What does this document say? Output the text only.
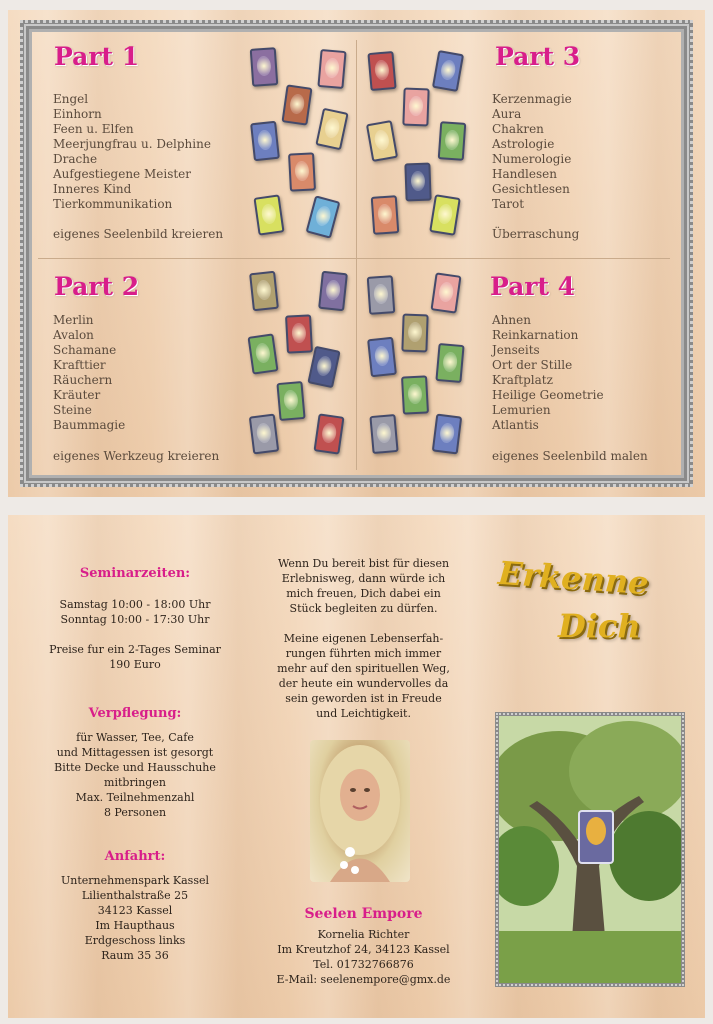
Part 1
Engel
Einhorn
Feen u. Elfen
Meerjungfrau u. Delphine
Drache
Aufgestiegene Meister
Inneres Kind
Tierkommunikation

eigenes Seelenbild kreieren

Part 3
Kerzenmagie
Aura
Chakren
Astrologie
Numerologie
Handlesen
Gesichtlesen
Tarot

Überraschung

Part 2
Merlin
Avalon
Schamane
Krafttier
Räuchern
Kräuter
Steine
Baummagie

eigenes Werkzeug kreieren

Part 4
Ahnen
Reinkarnation
Jenseits
Ort der Stille
Kraftplatz
Heilige Geometrie
Lemurien
Atlantis

eigenes Seelenbild malen

Seminarzeiten:

Samstag 10:00 - 18:00 Uhr
Sonntag 10:00 - 17:30 Uhr

Preise fur ein 2-Tages Seminar
190 Euro

Verpflegung:

für Wasser, Tee, Cafe
und Mittagessen ist gesorgt
Bitte Decke und Hausschuhe
mitbringen
Max. Teilnehmenzahl
8 Personen

Anfahrt:

Unternehmenspark Kassel
Lilienthalstraße 25
34123 Kassel
Im Haupthaus
Erdgeschoss links
Raum 35 36
Wenn Du bereit bist für diesen
Erlebnisweg, dann würde ich
mich freuen, Dich dabei ein
Stück begleiten zu dürfen.

Meine eigenen Lebenserfah-
rungen führten mich immer
mehr auf den spirituellen Weg,
der heute ein wundervolles da
sein geworden ist in Freude
und Leichtigkeit.

Seelen Empore

Kornelia Richter
Im Kreutzhof 24, 34123 Kassel
Tel. 01732766876
E-Mail: seelenempore@gmx.de

Erkenne

Dich
